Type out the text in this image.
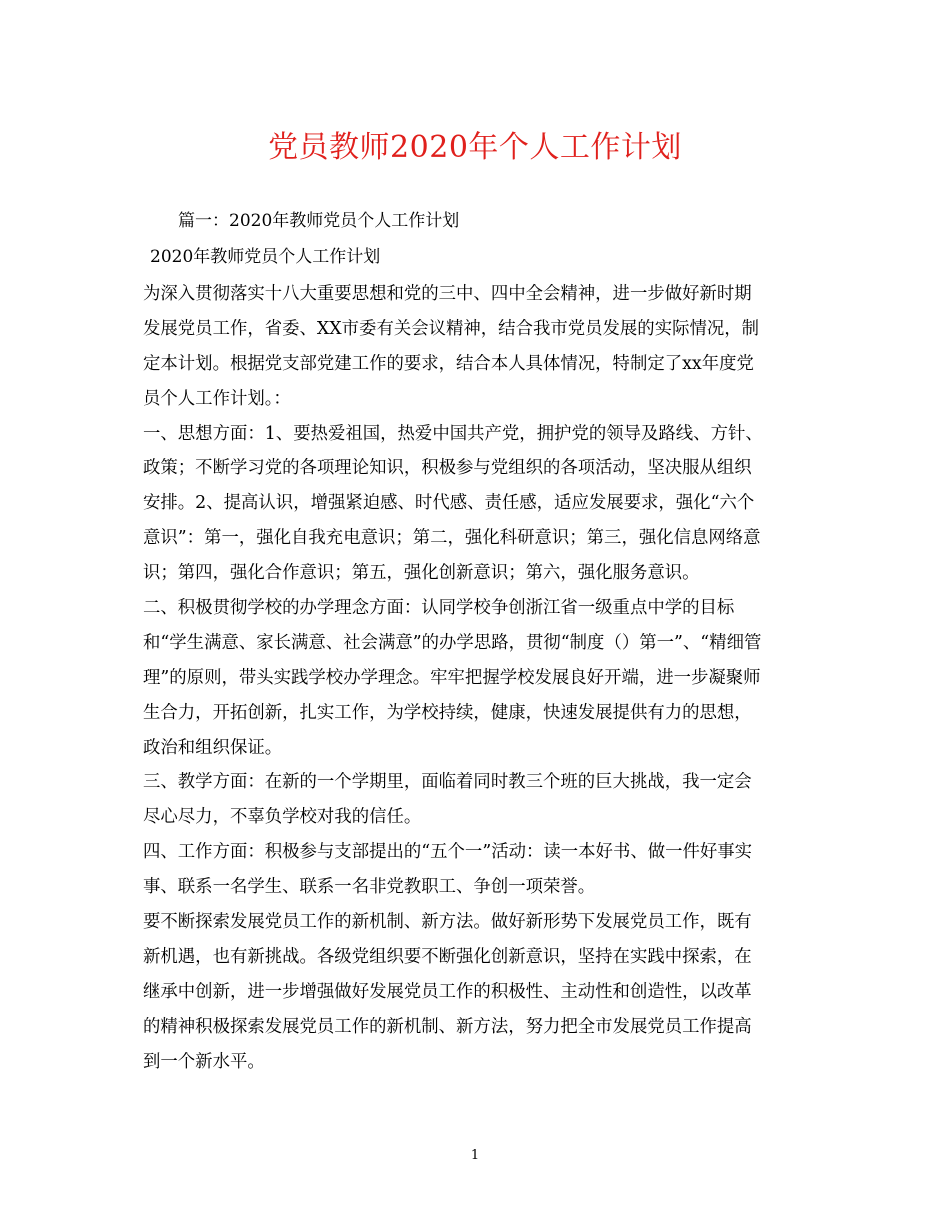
党员教师2020年个人工作计划
篇一：2020年教师党员个人工作计划
2020年教师党员个人工作计划
为深入贯彻落实十八大重要思想和党的三中、四中全会精神，进一步做好新时期
发展党员工作，省委、XX市委有关会议精神，结合我市党员发展的实际情况，制
定本计划。根据党支部党建工作的要求，结合本人具体情况，特制定了xx年度党
员个人工作计划。：
一、思想方面：1、要热爱祖国，热爱中国共产党，拥护党的领导及路线、方针、
政策；不断学习党的各项理论知识，积极参与党组织的各项活动，坚决服从组织
安排。2、提高认识，增强紧迫感、时代感、责任感，适应发展要求，强化“六个
意识”：第一，强化自我充电意识；第二，强化科研意识；第三，强化信息网络意
识；第四，强化合作意识；第五，强化创新意识；第六，强化服务意识。
二、积极贯彻学校的办学理念方面：认同学校争创浙江省一级重点中学的目标
和“学生满意、家长满意、社会满意”的办学思路，贯彻“制度（）第一”、“精细管
理”的原则，带头实践学校办学理念。牢牢把握学校发展良好开端，进一步凝聚师
生合力，开拓创新，扎实工作，为学校持续，健康，快速发展提供有力的思想，
政治和组织保证。
三、教学方面：在新的一个学期里，面临着同时教三个班的巨大挑战，我一定会
尽心尽力，不辜负学校对我的信任。
四、工作方面：积极参与支部提出的“五个一”活动：读一本好书、做一件好事实
事、联系一名学生、联系一名非党教职工、争创一项荣誉。
要不断探索发展党员工作的新机制、新方法。做好新形势下发展党员工作，既有
新机遇，也有新挑战。各级党组织要不断强化创新意识，坚持在实践中探索，在
继承中创新，进一步增强做好发展党员工作的积极性、主动性和创造性，以改革
的精神积极探索发展党员工作的新机制、新方法，努力把全市发展党员工作提高
到一个新水平。
1
